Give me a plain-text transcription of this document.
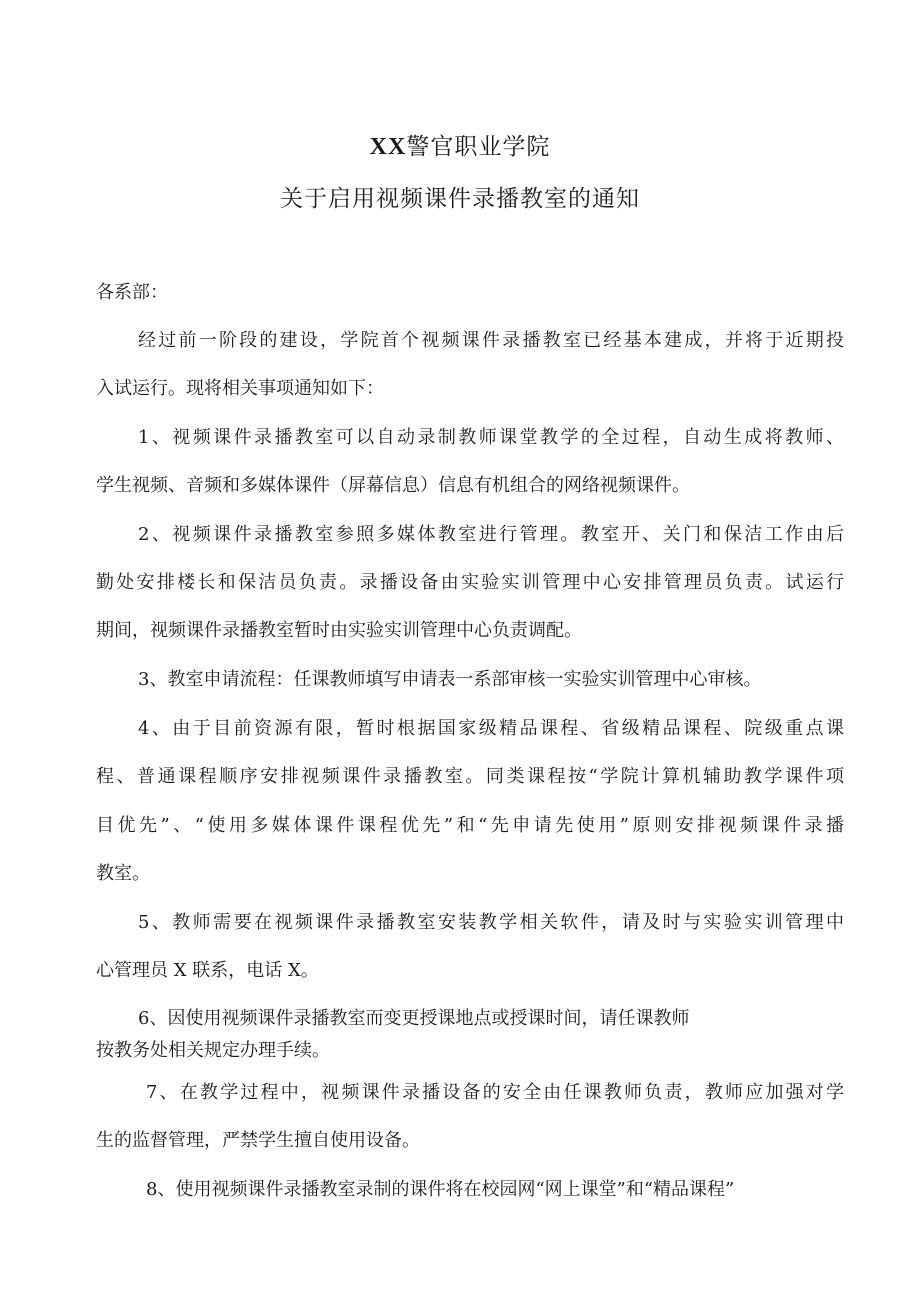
XX警官职业学院
关于启用视频课件录播教室的通知
各系部：
经过前一阶段的建设，学院首个视频课件录播教室已经基本建成，并将于近期投
入试运行。现将相关事项通知如下：
1、视频课件录播教室可以自动录制教师课堂教学的全过程，自动生成将教师、
学生视频、音频和多媒体课件（屏幕信息）信息有机组合的网络视频课件。
2、视频课件录播教室参照多媒体教室进行管理。教室开、关门和保洁工作由后
勤处安排楼长和保洁员负责。录播设备由实验实训管理中心安排管理员负责。试运行
期间，视频课件录播教室暂时由实验实训管理中心负责调配。
3、教室申请流程：任课教师填写申请表一系部审核一实验实训管理中心审核。
4、由于目前资源有限，暂时根据国家级精品课程、省级精品课程、院级重点课
程、普通课程顺序安排视频课件录播教室。同类课程按“学院计算机辅助教学课件项
目优先”、“使用多媒体课件课程优先”和“先申请先使用”原则安排视频课件录播
教室。
5、教师需要在视频课件录播教室安装教学相关软件，请及时与实验实训管理中
心管理员 X 联系，电话 X。
6、因使用视频课件录播教室而变更授课地点或授课时间，请任课教师
按教务处相关规定办理手续。
7、在教学过程中，视频课件录播设备的安全由任课教师负责，教师应加强对学
生的监督管理，严禁学生擅自使用设备。
8、使用视频课件录播教室录制的课件将在校园网“网上课堂”和“精品课程”
